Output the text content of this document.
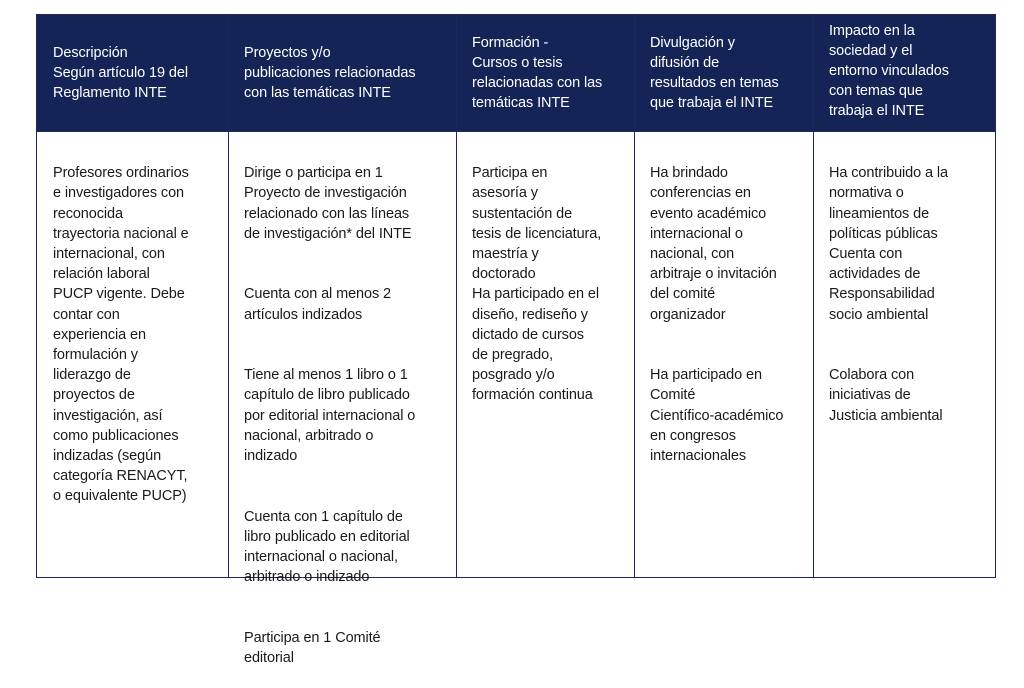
Descripción
Según artículo 19 del
Reglamento INTE
Proyectos y/o
publicaciones relacionadas
con las temáticas INTE
Formación -
Cursos o tesis
relacionadas con las
temáticas INTE
Divulgación y
difusión de
resultados en temas
que trabaja el INTE
Impacto en la
sociedad y el
entorno vinculados
con temas que
trabaja el INTE

Profesores ordinarios
e investigadores con
reconocida
trayectoria nacional e
internacional, con
relación laboral
PUCP vigente. Debe
contar con
experiencia en
formulación y
liderazgo de
proyectos de
investigación, así
como publicaciones
indizadas (según
categoría RENACYT,
o equivalente PUCP)

Dirige o participa en 1
Proyecto de investigación
relacionado con las líneas
de investigación* del INTE

Cuenta con al menos 2
artículos indizados

Tiene al menos 1 libro o 1
capítulo de libro publicado
por editorial internacional o
nacional, arbitrado o
indizado

Cuenta con 1 capítulo de
libro publicado en editorial
internacional o nacional,
arbitrado o indizado

Participa en 1 Comité
editorial

Participa en
asesoría y
sustentación de
tesis de licenciatura,
maestría y
doctorado
Ha participado en el
diseño, rediseño y
dictado de cursos
de pregrado,
posgrado y/o
formación continua

Ha brindado
conferencias en
evento académico
internacional o
nacional, con
arbitraje o invitación
del comité
organizador

Ha participado en
Comité
Científico-académico
en congresos
internacionales

Ha contribuido a la
normativa o
lineamientos de
políticas públicas
Cuenta con
actividades de
Responsabilidad
socio ambiental

Colabora con
iniciativas de
Justicia ambiental
